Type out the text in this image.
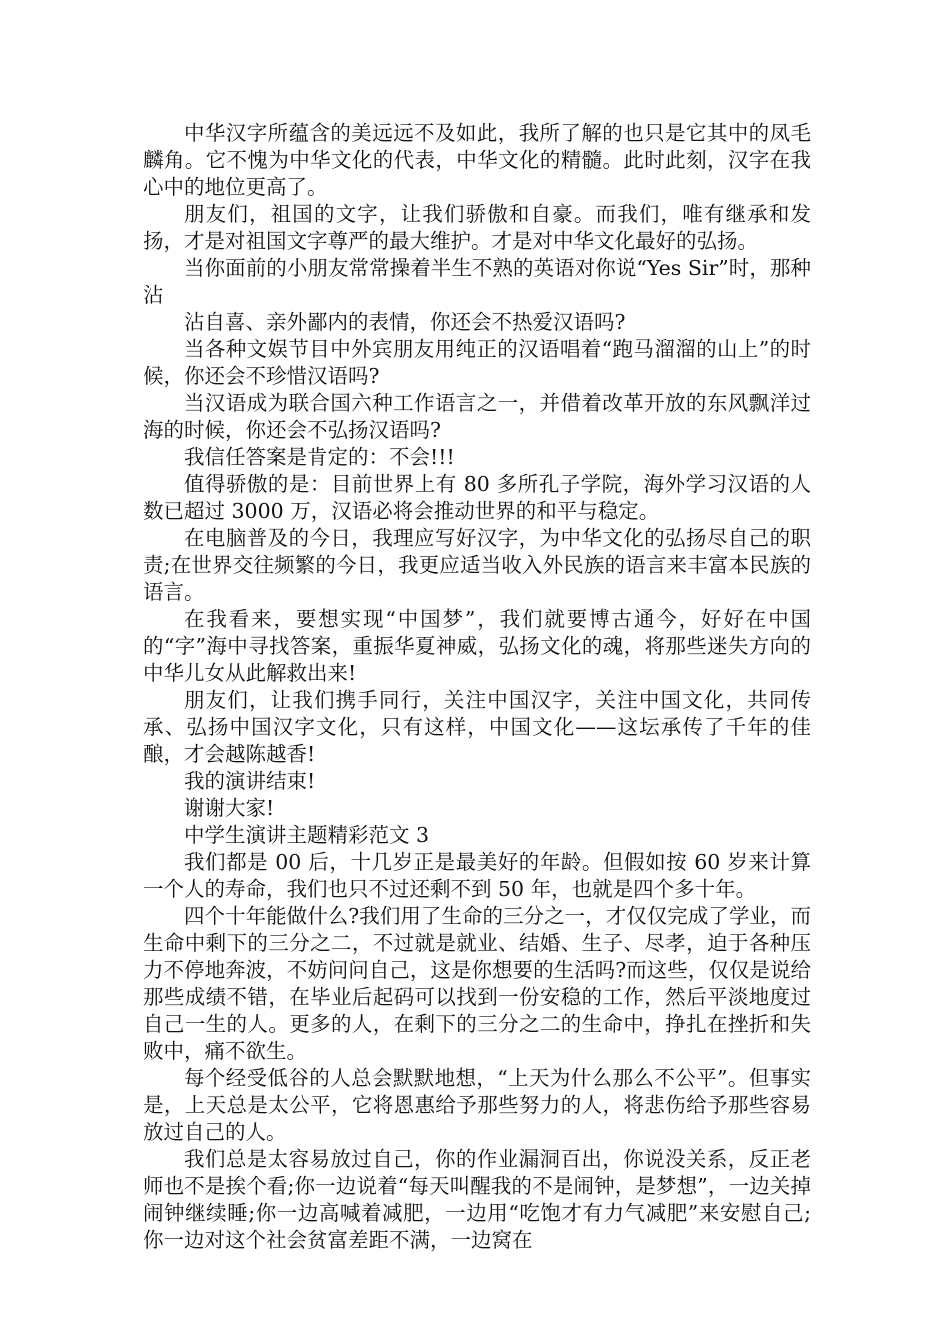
中华汉字所蕴含的美远远不及如此，我所了解的也只是它其中的凤毛麟角。它不愧为中华文化的代表，中华文化的精髓。此时此刻，汉字在我心中的地位更高了。

朋友们，祖国的文字，让我们骄傲和自豪。而我们，唯有继承和发扬，才是对祖国文字尊严的最大维护。才是对中华文化最好的弘扬。

当你面前的小朋友常常操着半生不熟的英语对你说“Yes Sir”时，那种沾

沾自喜、亲外鄙内的表情，你还会不热爱汉语吗?

当各种文娱节目中外宾朋友用纯正的汉语唱着“跑马溜溜的山上”的时候，你还会不珍惜汉语吗?

当汉语成为联合国六种工作语言之一，并借着改革开放的东风飘洋过海的时候，你还会不弘扬汉语吗?

我信任答案是肯定的：不会!!!

值得骄傲的是：目前世界上有 80 多所孔子学院，海外学习汉语的人数已超过 3000 万，汉语必将会推动世界的和平与稳定。

在电脑普及的今日，我理应写好汉字，为中华文化的弘扬尽自己的职责;在世界交往频繁的今日，我更应适当收入外民族的语言来丰富本民族的语言。

在我看来，要想实现“中国梦”，我们就要博古通今，好好在中国的“字”海中寻找答案，重振华夏神威，弘扬文化的魂，将那些迷失方向的中华儿女从此解救出来!

朋友们，让我们携手同行，关注中国汉字，关注中国文化，共同传承、弘扬中国汉字文化，只有这样，中国文化——这坛承传了千年的佳酿，才会越陈越香!

我的演讲结束!

谢谢大家!

中学生演讲主题精彩范文 3

我们都是 00 后，十几岁正是最美好的年龄。但假如按 60 岁来计算一个人的寿命，我们也只不过还剩不到 50 年，也就是四个多十年。

四个十年能做什么?我们用了生命的三分之一，才仅仅完成了学业，而生命中剩下的三分之二，不过就是就业、结婚、生子、尽孝，迫于各种压力不停地奔波，不妨问问自己，这是你想要的生活吗?而这些，仅仅是说给那些成绩不错，在毕业后起码可以找到一份安稳的工作，然后平淡地度过自己一生的人。更多的人，在剩下的三分之二的生命中，挣扎在挫折和失败中，痛不欲生。

每个经受低谷的人总会默默地想，“上天为什么那么不公平”。但事实是，上天总是太公平，它将恩惠给予那些努力的人，将悲伤给予那些容易放过自己的人。

我们总是太容易放过自己，你的作业漏洞百出，你说没关系，反正老师也不是挨个看;你一边说着“每天叫醒我的不是闹钟，是梦想”，一边关掉闹钟继续睡;你一边高喊着减肥，一边用“吃饱才有力气减肥”来安慰自己;你一边对这个社会贫富差距不满，一边窝在
